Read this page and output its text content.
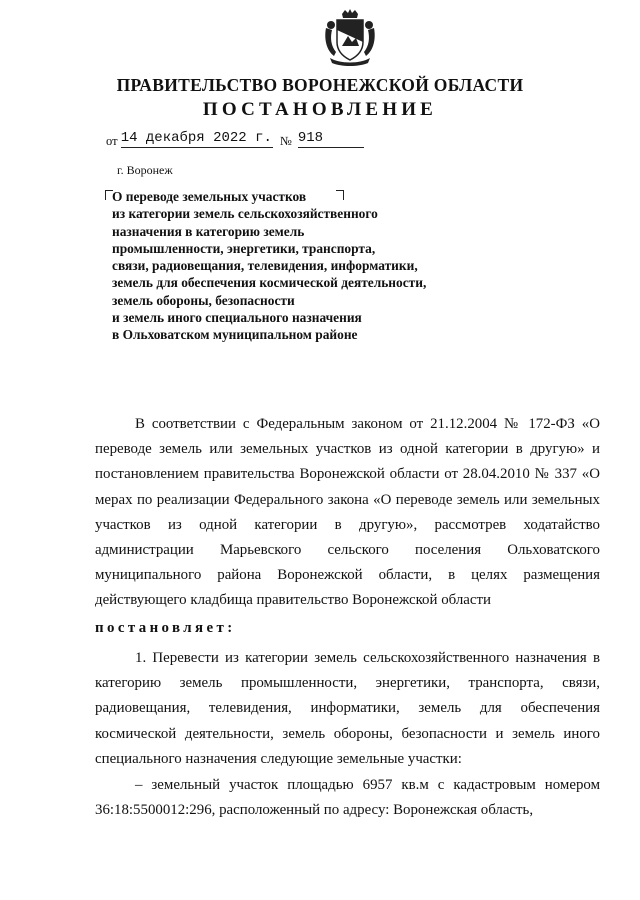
ПРАВИТЕЛЬСТВО ВОРОНЕЖСКОЙ ОБЛАСТИ
ПОСТАНОВЛЕНИЕ
от 14 декабря 2022 г. № 918
г. Воронеж
О переводе земельных участков
из категории земель сельскохозяйственного
назначения в категорию земель
промышленности, энергетики, транспорта,
связи, радиовещания, телевидения, информатики,
земель для обеспечения космической деятельности,
земель обороны, безопасности
и земель иного специального назначения
в Ольховатском муниципальном районе
В соответствии с Федеральным законом от 21.12.2004 № 172-ФЗ «О переводе земель или земельных участков из одной категории в другую» и постановлением правительства Воронежской области от 28.04.2010 № 337 «О мерах по реализации Федерального закона «О переводе земель или земельных участков из одной категории в другую», рассмотрев ходатайство администрации Марьевского сельского поселения Ольховатского муниципального района Воронежской области, в целях размещения действующего кладбища правительство Воронежской области
постановляет:
1. Перевести из категории земель сельскохозяйственного назначения в категорию земель промышленности, энергетики, транспорта, связи, радиовещания, телевидения, информатики, земель для обеспечения космической деятельности, земель обороны, безопасности и земель иного специального назначения следующие земельные участки:
– земельный участок площадью 6957 кв.м с кадастровым номером 36:18:5500012:296, расположенный по адресу: Воронежская область,
